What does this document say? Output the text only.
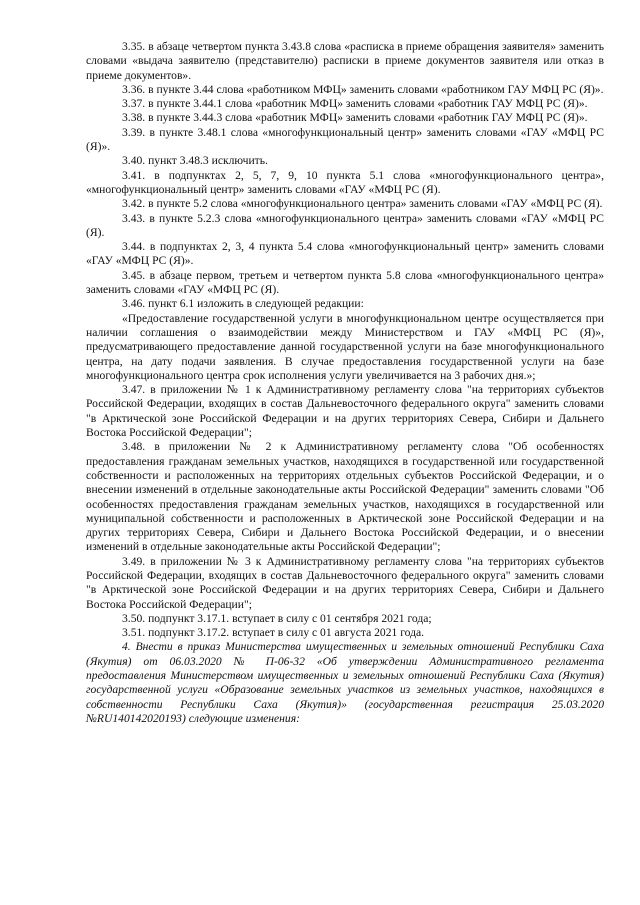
3.35. в абзаце четвертом пункта 3.43.8 слова «расписка в приеме обращения заявителя» заменить словами «выдача заявителю (представителю) расписки в приеме документов заявителя или отказ в приеме документов».

3.36. в пункте 3.44 слова «работником МФЦ» заменить словами «работником ГАУ МФЦ РС (Я)».

3.37. в пункте 3.44.1 слова «работник МФЦ» заменить словами «работник ГАУ МФЦ РС (Я)».

3.38. в пункте 3.44.3 слова «работник МФЦ» заменить словами «работник ГАУ МФЦ РС (Я)».

3.39. в пункте 3.48.1 слова «многофункциональный центр» заменить словами «ГАУ «МФЦ РС (Я)».

3.40. пункт 3.48.3 исключить.

3.41. в подпунктах 2, 5, 7, 9, 10 пункта 5.1 слова «многофункционального центра», «многофункциональный центр» заменить словами «ГАУ «МФЦ РС (Я).

3.42. в пункте 5.2 слова «многофункционального центра» заменить словами «ГАУ «МФЦ РС (Я).

3.43. в пункте 5.2.3 слова «многофункционального центра» заменить словами «ГАУ «МФЦ РС (Я).

3.44. в подпунктах 2, 3, 4 пункта 5.4 слова «многофункциональный центр» заменить словами «ГАУ «МФЦ РС (Я)».

3.45. в абзаце первом, третьем и четвертом пункта 5.8 слова «многофункционального центра» заменить словами «ГАУ «МФЦ РС (Я).

3.46. пункт 6.1 изложить в следующей редакции:

«Предоставление государственной услуги в многофункциональном центре осуществляется при наличии соглашения о взаимодействии между Министерством и ГАУ «МФЦ РС (Я)», предусматривающего предоставление данной государственной услуги на базе многофункционального центра, на дату подачи заявления. В случае предоставления государственной услуги на базе многофункционального центра срок исполнения услуги увеличивается на 3 рабочих дня.»;

3.47. в приложении № 1 к Административному регламенту слова "на территориях субъектов Российской Федерации, входящих в состав Дальневосточного федерального округа" заменить словами "в Арктической зоне Российской Федерации и на других территориях Севера, Сибири и Дальнего Востока Российской Федерации";

3.48. в приложении № 2 к Административному регламенту слова "Об особенностях предоставления гражданам земельных участков, находящихся в государственной или государственной собственности и расположенных на территориях отдельных субъектов Российской Федерации, и о внесении изменений в отдельные законодательные акты Российской Федерации" заменить словами "Об особенностях предоставления гражданам земельных участков, находящихся в государственной или муниципальной собственности и расположенных в Арктической зоне Российской Федерации и на других территориях Севера, Сибири и Дальнего Востока Российской Федерации, и о внесении изменений в отдельные законодательные акты Российской Федерации";

3.49. в приложении № 3 к Административному регламенту слова "на территориях субъектов Российской Федерации, входящих в состав Дальневосточного федерального округа" заменить словами "в Арктической зоне Российской Федерации и на других территориях Севера, Сибири и Дальнего Востока Российской Федерации";

3.50. подпункт 3.17.1. вступает в силу с 01 сентября 2021 года;

3.51. подпункт 3.17.2. вступает в силу с 01 августа 2021 года.

4. Внести в приказ Министерства имущественных и земельных отношений Республики Саха (Якутия) от 06.03.2020 № П-06-32 «Об утверждении Административного регламента предоставления Министерством имущественных и земельных отношений Республики Саха (Якутия) государственной услуги «Образование земельных участков из земельных участков, находящихся в собственности Республики Саха (Якутия)» (государственная регистрация 25.03.2020 №RU140142020193) следующие изменения:
